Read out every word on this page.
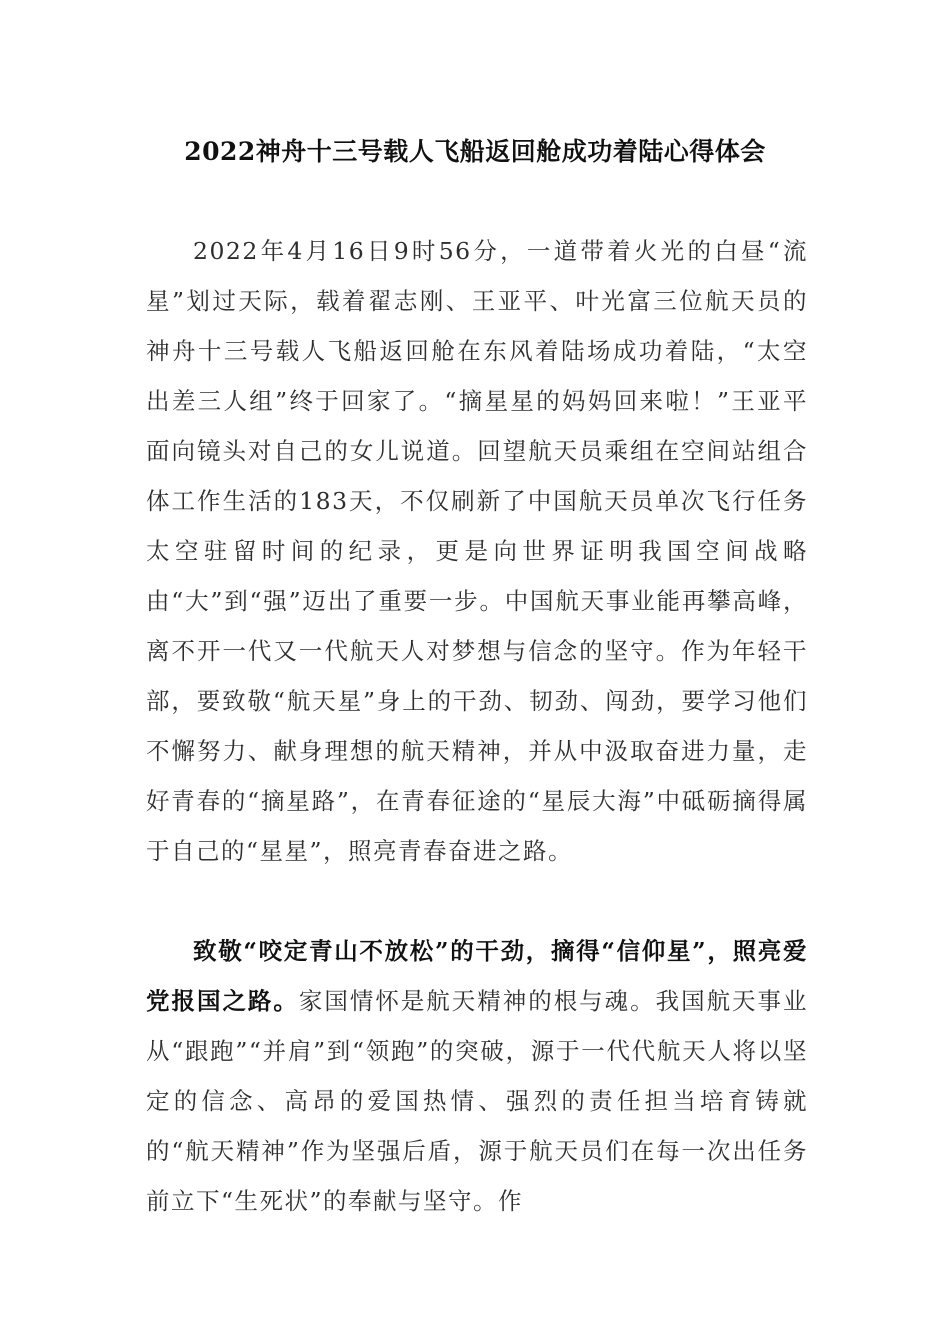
2022神舟十三号载人飞船返回舱成功着陆心得体会

2022年4月16日9时56分，一道带着火光的白昼“流星”划过天际，载着翟志刚、王亚平、叶光富三位航天员的神舟十三号载人飞船返回舱在东风着陆场成功着陆，“太空出差三人组”终于回家了。“摘星星的妈妈回来啦！”王亚平面向镜头对自己的女儿说道。回望航天员乘组在空间站组合体工作生活的183天，不仅刷新了中国航天员单次飞行任务太空驻留时间的纪录，更是向世界证明我国空间战略由“大”到“强”迈出了重要一步。中国航天事业能再攀高峰，离不开一代又一代航天人对梦想与信念的坚守。作为年轻干部，要致敬“航天星”身上的干劲、韧劲、闯劲，要学习他们不懈努力、献身理想的航天精神，并从中汲取奋进力量，走好青春的“摘星路”，在青春征途的“星辰大海”中砥砺摘得属于自己的“星星”，照亮青春奋进之路。

致敬“咬定青山不放松”的干劲，摘得“信仰星”，照亮爱党报国之路。家国情怀是航天精神的根与魂。我国航天事业从“跟跑”“并肩”到“领跑”的突破，源于一代代航天人将以坚定的信念、高昂的爱国热情、强烈的责任担当培育铸就的“航天精神”作为坚强后盾，源于航天员们在每一次出任务前立下“生死状”的奉献与坚守。作
